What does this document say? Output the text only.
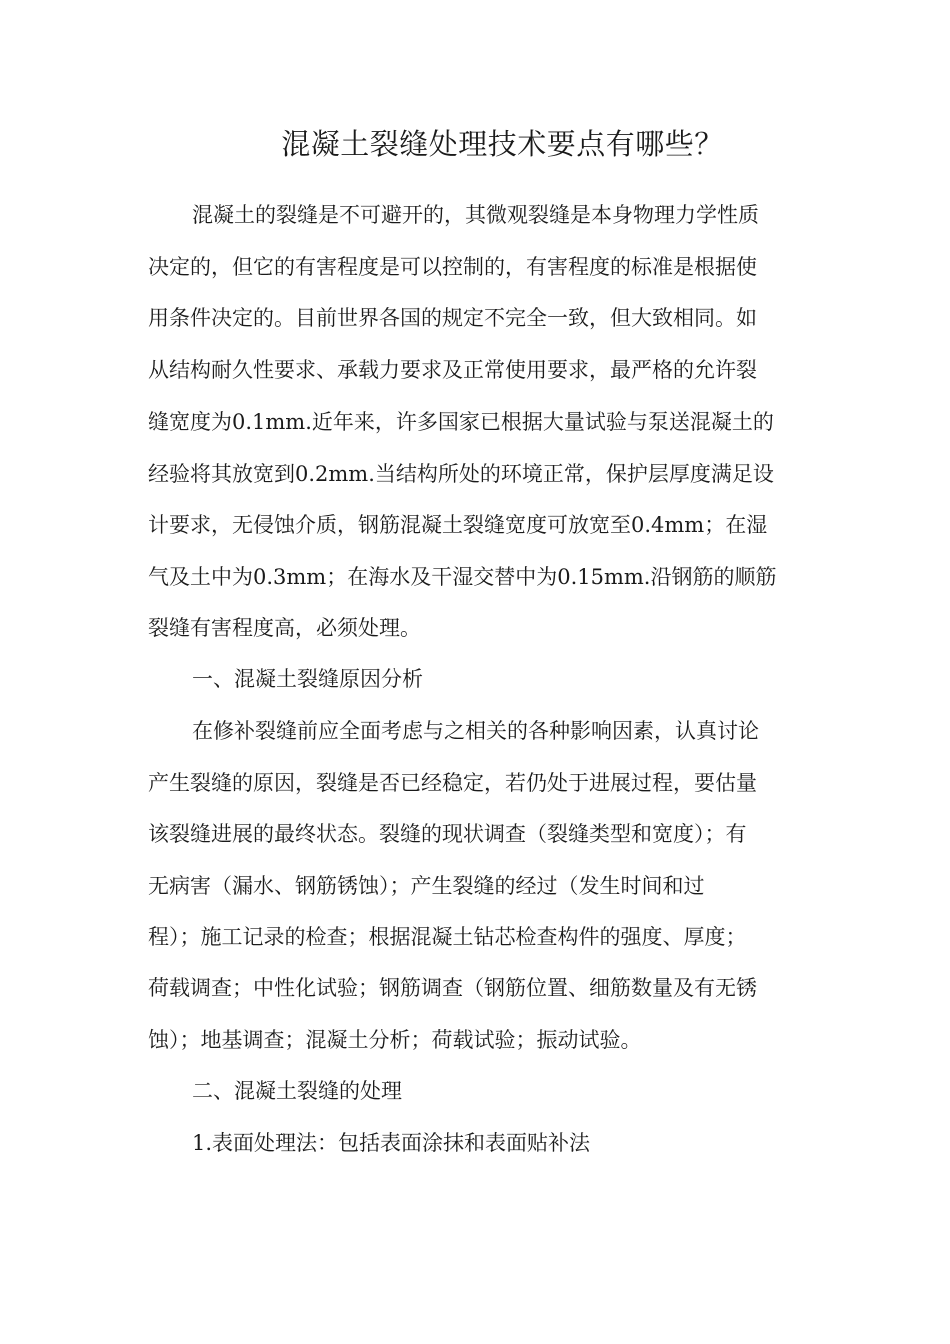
混凝土裂缝处理技术要点有哪些？

混凝土的裂缝是不可避开的，其微观裂缝是本身物理力学性质

决定的，但它的有害程度是可以控制的，有害程度的标准是根据使

用条件决定的。目前世界各国的规定不完全一致，但大致相同。如

从结构耐久性要求、承载力要求及正常使用要求，最严格的允许裂

缝宽度为0.1mm.近年来，许多国家已根据大量试验与泵送混凝土的

经验将其放宽到0.2mm.当结构所处的环境正常，保护层厚度满足设

计要求，无侵蚀介质，钢筋混凝土裂缝宽度可放宽至0.4mm；在湿

气及土中为0.3mm；在海水及干湿交替中为0.15mm.沿钢筋的顺筋

裂缝有害程度高，必须处理。

一、混凝土裂缝原因分析

在修补裂缝前应全面考虑与之相关的各种影响因素，认真讨论

产生裂缝的原因，裂缝是否已经稳定，若仍处于进展过程，要估量

该裂缝进展的最终状态。裂缝的现状调查（裂缝类型和宽度）；有

无病害（漏水、钢筋锈蚀）；产生裂缝的经过（发生时间和过

程）；施工记录的检查；根据混凝土钻芯检查构件的强度、厚度；

荷载调查；中性化试验；钢筋调查（钢筋位置、细筋数量及有无锈

蚀）；地基调查；混凝土分析；荷载试验；振动试验。

二、混凝土裂缝的处理

1.表面处理法：包括表面涂抹和表面贴补法
